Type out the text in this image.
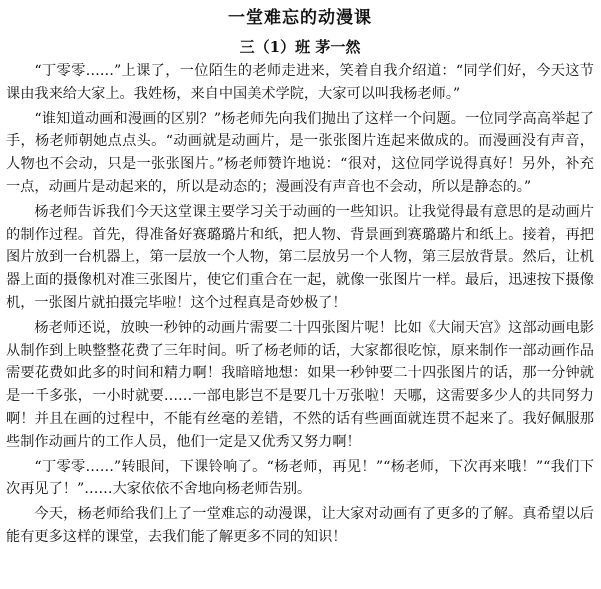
一堂难忘的动漫课
三（1）班 茅一然

“丁零零……”上课了，一位陌生的老师走进来，笑着自我介绍道：“同学们好，今天这节课由我来给大家上。我姓杨，来自中国美术学院，大家可以叫我杨老师。”

“谁知道动画和漫画的区别？”杨老师先向我们抛出了这样一个问题。一位同学高高举起了手，杨老师朝她点点头。“动画就是动画片，是一张张图片连起来做成的。而漫画没有声音，人物也不会动，只是一张张图片。”杨老师赞许地说：“很对，这位同学说得真好！另外，补充一点，动画片是动起来的，所以是动态的；漫画没有声音也不会动，所以是静态的。”

杨老师告诉我们今天这堂课主要学习关于动画的一些知识。让我觉得最有意思的是动画片的制作过程。首先，得准备好赛璐璐片和纸，把人物、背景画到赛璐璐片和纸上。接着，再把图片放到一台机器上，第一层放一个人物，第二层放另一个人物，第三层放背景。然后，让机器上面的摄像机对准三张图片，使它们重合在一起，就像一张图片一样。最后，迅速按下摄像机，一张图片就拍摄完毕啦！这个过程真是奇妙极了！

杨老师还说，放映一秒钟的动画片需要二十四张图片呢！比如《大闹天宫》这部动画电影从制作到上映整整花费了三年时间。听了杨老师的话，大家都很吃惊，原来制作一部动画作品需要花费如此多的时间和精力啊！我暗暗地想：如果一秒钟要二十四张图片的话，那一分钟就是一千多张，一小时就要……一部电影岂不是要几十万张啦！天哪，这需要多少人的共同努力啊！并且在画的过程中，不能有丝毫的差错，不然的话有些画面就连贯不起来了。我好佩服那些制作动画片的工作人员，他们一定是又优秀又努力啊！

“丁零零……”转眼间，下课铃响了。“杨老师，再见！”“杨老师，下次再来哦！”“我们下次再见了！”……大家依依不舍地向杨老师告别。

今天，杨老师给我们上了一堂难忘的动漫课，让大家对动画有了更多的了解。真希望以后能有更多这样的课堂，去我们能了解更多不同的知识！
